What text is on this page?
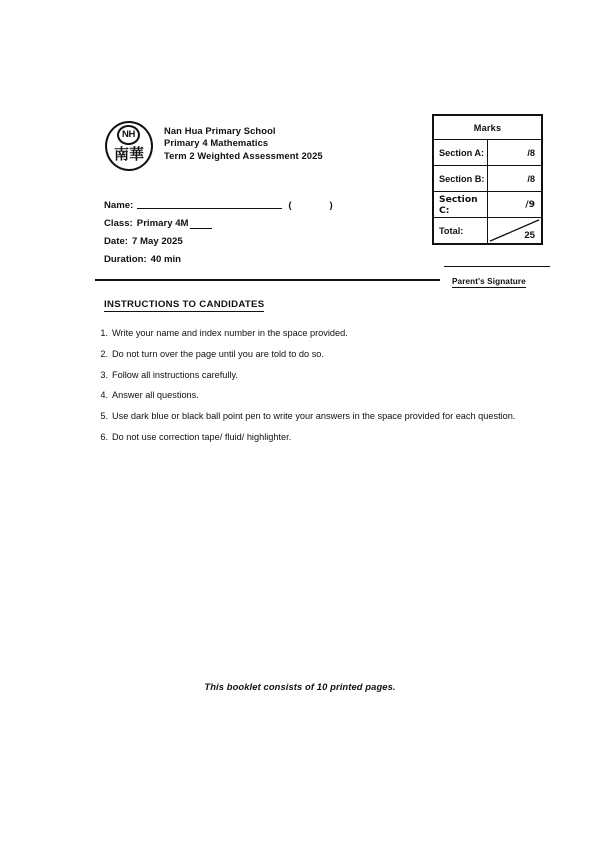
NH
南華
Nan Hua Primary School
Primary 4 Mathematics
Term 2 Weighted Assessment 2025
Name:	(	)
Class: Primary 4M
Date: 7 May 2025
Duration: 40 min
Marks	
Section A:	/8
Section B:	/8
Section C:	/9
Total:	25
Parent's Signature
INSTRUCTIONS TO CANDIDATES
1. Write your name and index number in the space provided.
2. Do not turn over the page until you are told to do so.
3. Follow all instructions carefully.
4. Answer all questions.
5. Use dark blue or black ball point pen to write your answers in the space provided for each question.
6. Do not use correction tape/ fluid/ highlighter.
This booklet consists of 10 printed pages.
